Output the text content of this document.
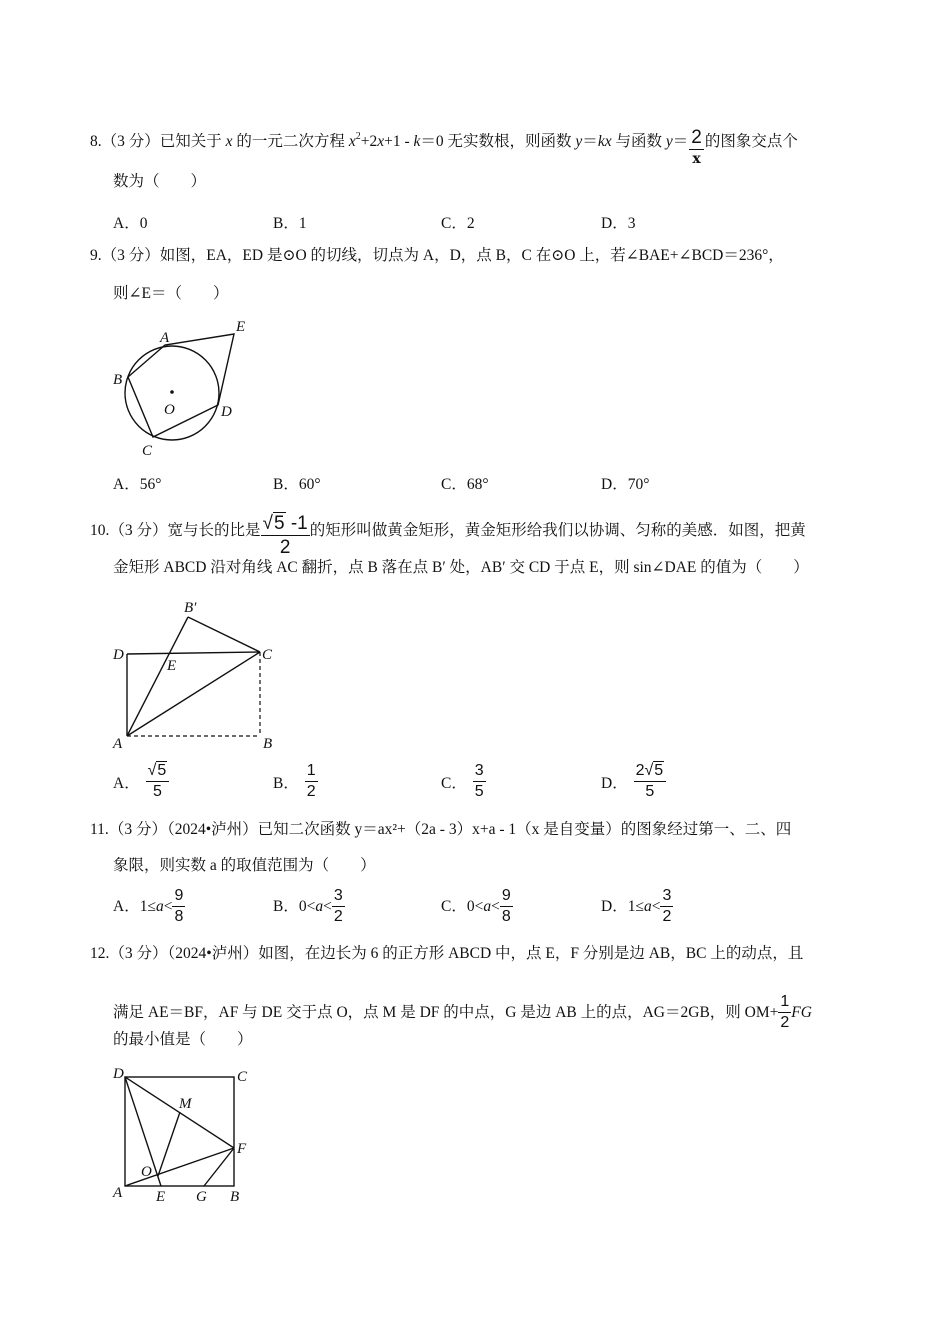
8.（3 分）已知关于 x 的一元二次方程 $x^2+2x+1 - k=0$ 无实数根，则函数 y＝kx 与函数 $y= \frac{2}{x}$ 的图象交点个
数为（　　）
A．0	B．1	C．2	D．3
9.（3 分）如图，EA，ED 是⊙O 的切线，切点为 A，D，点 B，C 在⊙O 上，若∠BAE+∠BCD＝236°，
则∠E＝（　　）
A
E
B
O	D
C
A．56°	B．60°	C．68°	D．70°
10.（3 分）宽与长的比是 $\frac{√5 -1}{2}$ 的矩形叫做黄金矩形，黄金矩形给我们以协调、匀称的美感．如图，把黄
金矩形 ABCD 沿对角线 AC 翻折，点 B 落在点 B′ 处，AB′ 交 CD 于点 E，则 sin∠DAE 的值为（　　）
B′
D
E
C
A	B
A． $\frac{√5}{5}$	B． $\frac{1}{2}$	C． $\frac{3}{5}$	D． $\frac{2√5}{5}$
11.（3 分）（2024•泸州）已知二次函数 y＝ax²+（2a - 3）x+a - 1（x 是自变量）的图象经过第一、二、四
象限，则实数 a 的取值范围为（　　）
A．$1\le a< \frac{9}{8}$	B．$0<a< \frac{3}{2}$	C．$0<a< \frac{9}{8}$	D．$1\le a< \frac{3}{2}$
12.（3 分）（2024•泸州）如图，在边长为 6 的正方形 ABCD 中，点 E，F 分别是边 AB，BC 上的动点，且
满足 AE＝BF，AF 与 DE 交于点 O，点 M 是 DF 的中点，G 是边 AB 上的点，AG＝2GB，则 $OM+ \frac{1}{2}$ FG
的最小值是（　　）
D	C
M
F
O
A E G B
